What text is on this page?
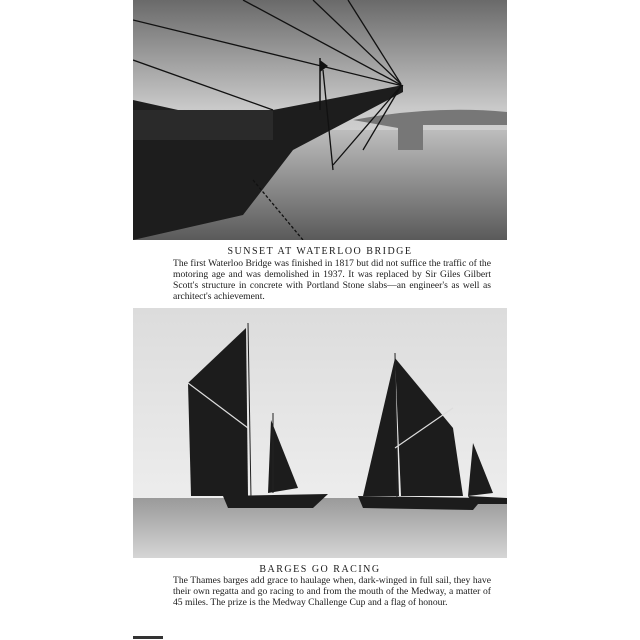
SUNSET AT WATERLOO BRIDGE
The first Waterloo Bridge was finished in 1817 but did not suffice the traffic of the motoring age and was demolished in 1937. It was replaced by Sir Giles Gilbert Scott's structure in concrete with Portland Stone slabs—an engineer's as well as architect's achievement.
BARGES GO RACING
The Thames barges add grace to haulage when, dark-winged in full sail, they have their own regatta and go racing to and from the mouth of the Medway, a matter of 45 miles. The prize is the Medway Challenge Cup and a flag of honour.
